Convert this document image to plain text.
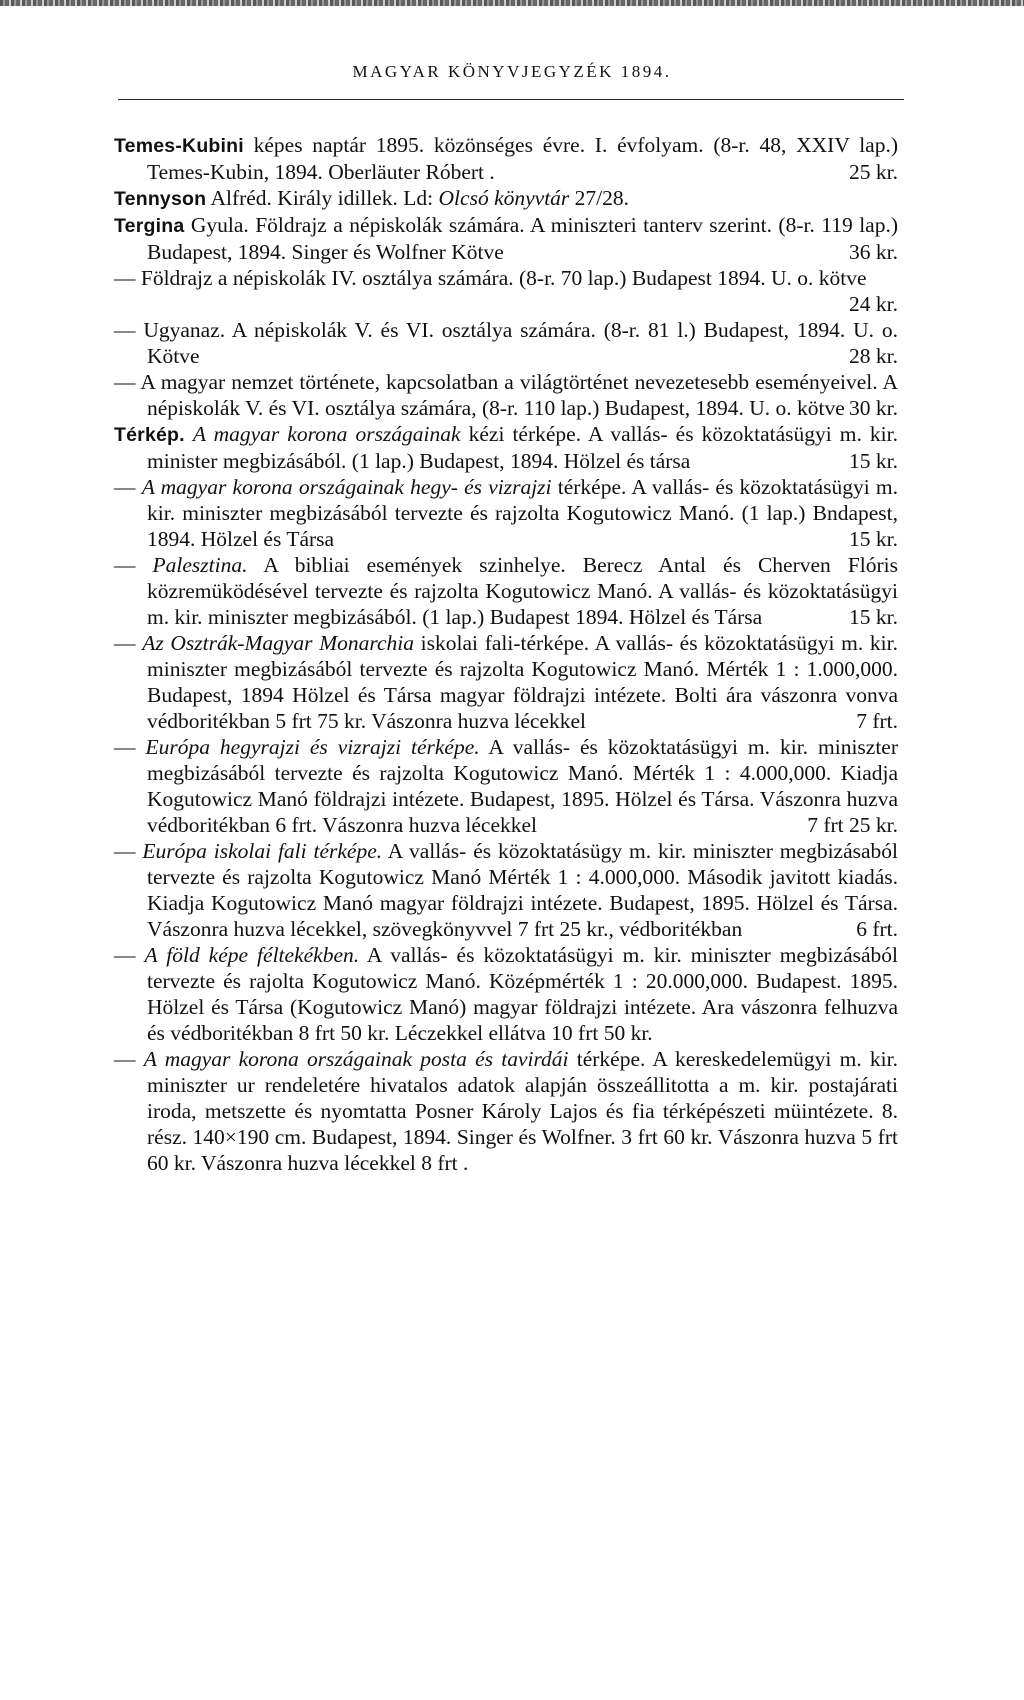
MAGYAR KÖNYVJEGYZÉK 1894.

Temes-Kubini képes naptár 1895. közönséges évre. I. évfolyam. (8-r. 48, XXIV lap.) Temes-Kubin, 1894. Oberläuter Róbert .	25 kr.

Tennyson Alfréd. Király idillek. Ld: Olcsó könyvtár 27/28.

Tergina Gyula. Földrajz a népiskolák számára. A miniszteri tanterv szerint. (8-r. 119 lap.) Budapest, 1894. Singer és Wolfner Kötve	36 kr.

— Földrajz a népiskolák IV. osztálya számára. (8-r. 70 lap.) Budapest 1894. U. o. kötve
24 kr.

— Ugyanaz. A népiskolák V. és VI. osztálya számára. (8-r. 81 l.) Budapest, 1894. U. o. Kötve	28 kr.

— A magyar nemzet története, kapcsolatban a világtörténet nevezetesebb eseményeivel. A népiskolák V. és VI. osztálya számára, (8-r. 110 lap.) Budapest, 1894. U. o. kötve 30 kr.

Térkép. A magyar korona országainak kézi térképe. A vallás- és közoktatásügyi m. kir. minister megbizásából. (1 lap.) Budapest, 1894. Hölzel és társa	15 kr.

— A magyar korona országainak hegy- és vizrajzi térképe. A vallás- és közoktatásügyi m. kir. miniszter megbizásából tervezte és rajzolta Kogutowicz Manó. (1 lap.) Bndapest, 1894. Hölzel és Társa	15 kr.

— Palesztina. A bibliai események szinhelye. Berecz Antal és Cherven Flóris közremüködésével tervezte és rajzolta Kogutowicz Manó. A vallás- és közoktatásügyi m. kir. miniszter megbizásából. (1 lap.) Budapest 1894. Hölzel és Társa	15 kr.

— Az Osztrák-Magyar Monarchia iskolai fali-térképe. A vallás- és közoktatásügyi m. kir. miniszter megbizásából tervezte és rajzolta Kogutowicz Manó. Mérték 1 : 1.000,000. Budapest, 1894 Hölzel és Társa magyar földrajzi intézete. Bolti ára vászonra vonva védboritékban 5 frt 75 kr. Vászonra huzva lécekkel	7 frt.

— Európa hegyrajzi és vizrajzi térképe. A vallás- és közoktatásügyi m. kir. miniszter megbizásából tervezte és rajzolta Kogutowicz Manó. Mérték 1 : 4.000,000. Kiadja Kogutowicz Manó földrajzi intézete. Budapest, 1895. Hölzel és Társa. Vászonra huzva védboritékban 6 frt. Vászonra huzva lécekkel	7 frt 25 kr.

— Európa iskolai fali térképe. A vallás- és közoktatásügy m. kir. miniszter megbizásaból tervezte és rajzolta Kogutowicz Manó Mérték 1 : 4.000,000. Második javitott kiadás. Kiadja Kogutowicz Manó magyar földrajzi intézete. Budapest, 1895. Hölzel és Társa. Vászonra huzva lécekkel, szövegkönyvvel 7 frt 25 kr., védboritékban	6 frt.

— A föld képe féltekékben. A vallás- és közoktatásügyi m. kir. miniszter megbizásából tervezte és rajolta Kogutowicz Manó. Középmérték 1 : 20.000,000. Budapest. 1895. Hölzel és Társa (Kogutowicz Manó) magyar földrajzi intézete. Ara vászonra felhuzva és védboritékban 8 frt 50 kr. Léczekkel ellátva 10 frt 50 kr.

— A magyar korona országainak posta és tavirdái térképe. A kereskedelemügyi m. kir. miniszter ur rendeletére hivatalos adatok alapján összeállitotta a m. kir. postajárati iroda, metszette és nyomtatta Posner Károly Lajos és fia térképészeti müintézete. 8. rész. 140×190 cm. Budapest, 1894. Singer és Wolfner. 3 frt 60 kr. Vászonra huzva 5 frt 60 kr. Vászonra huzva lécekkel 8 frt .
